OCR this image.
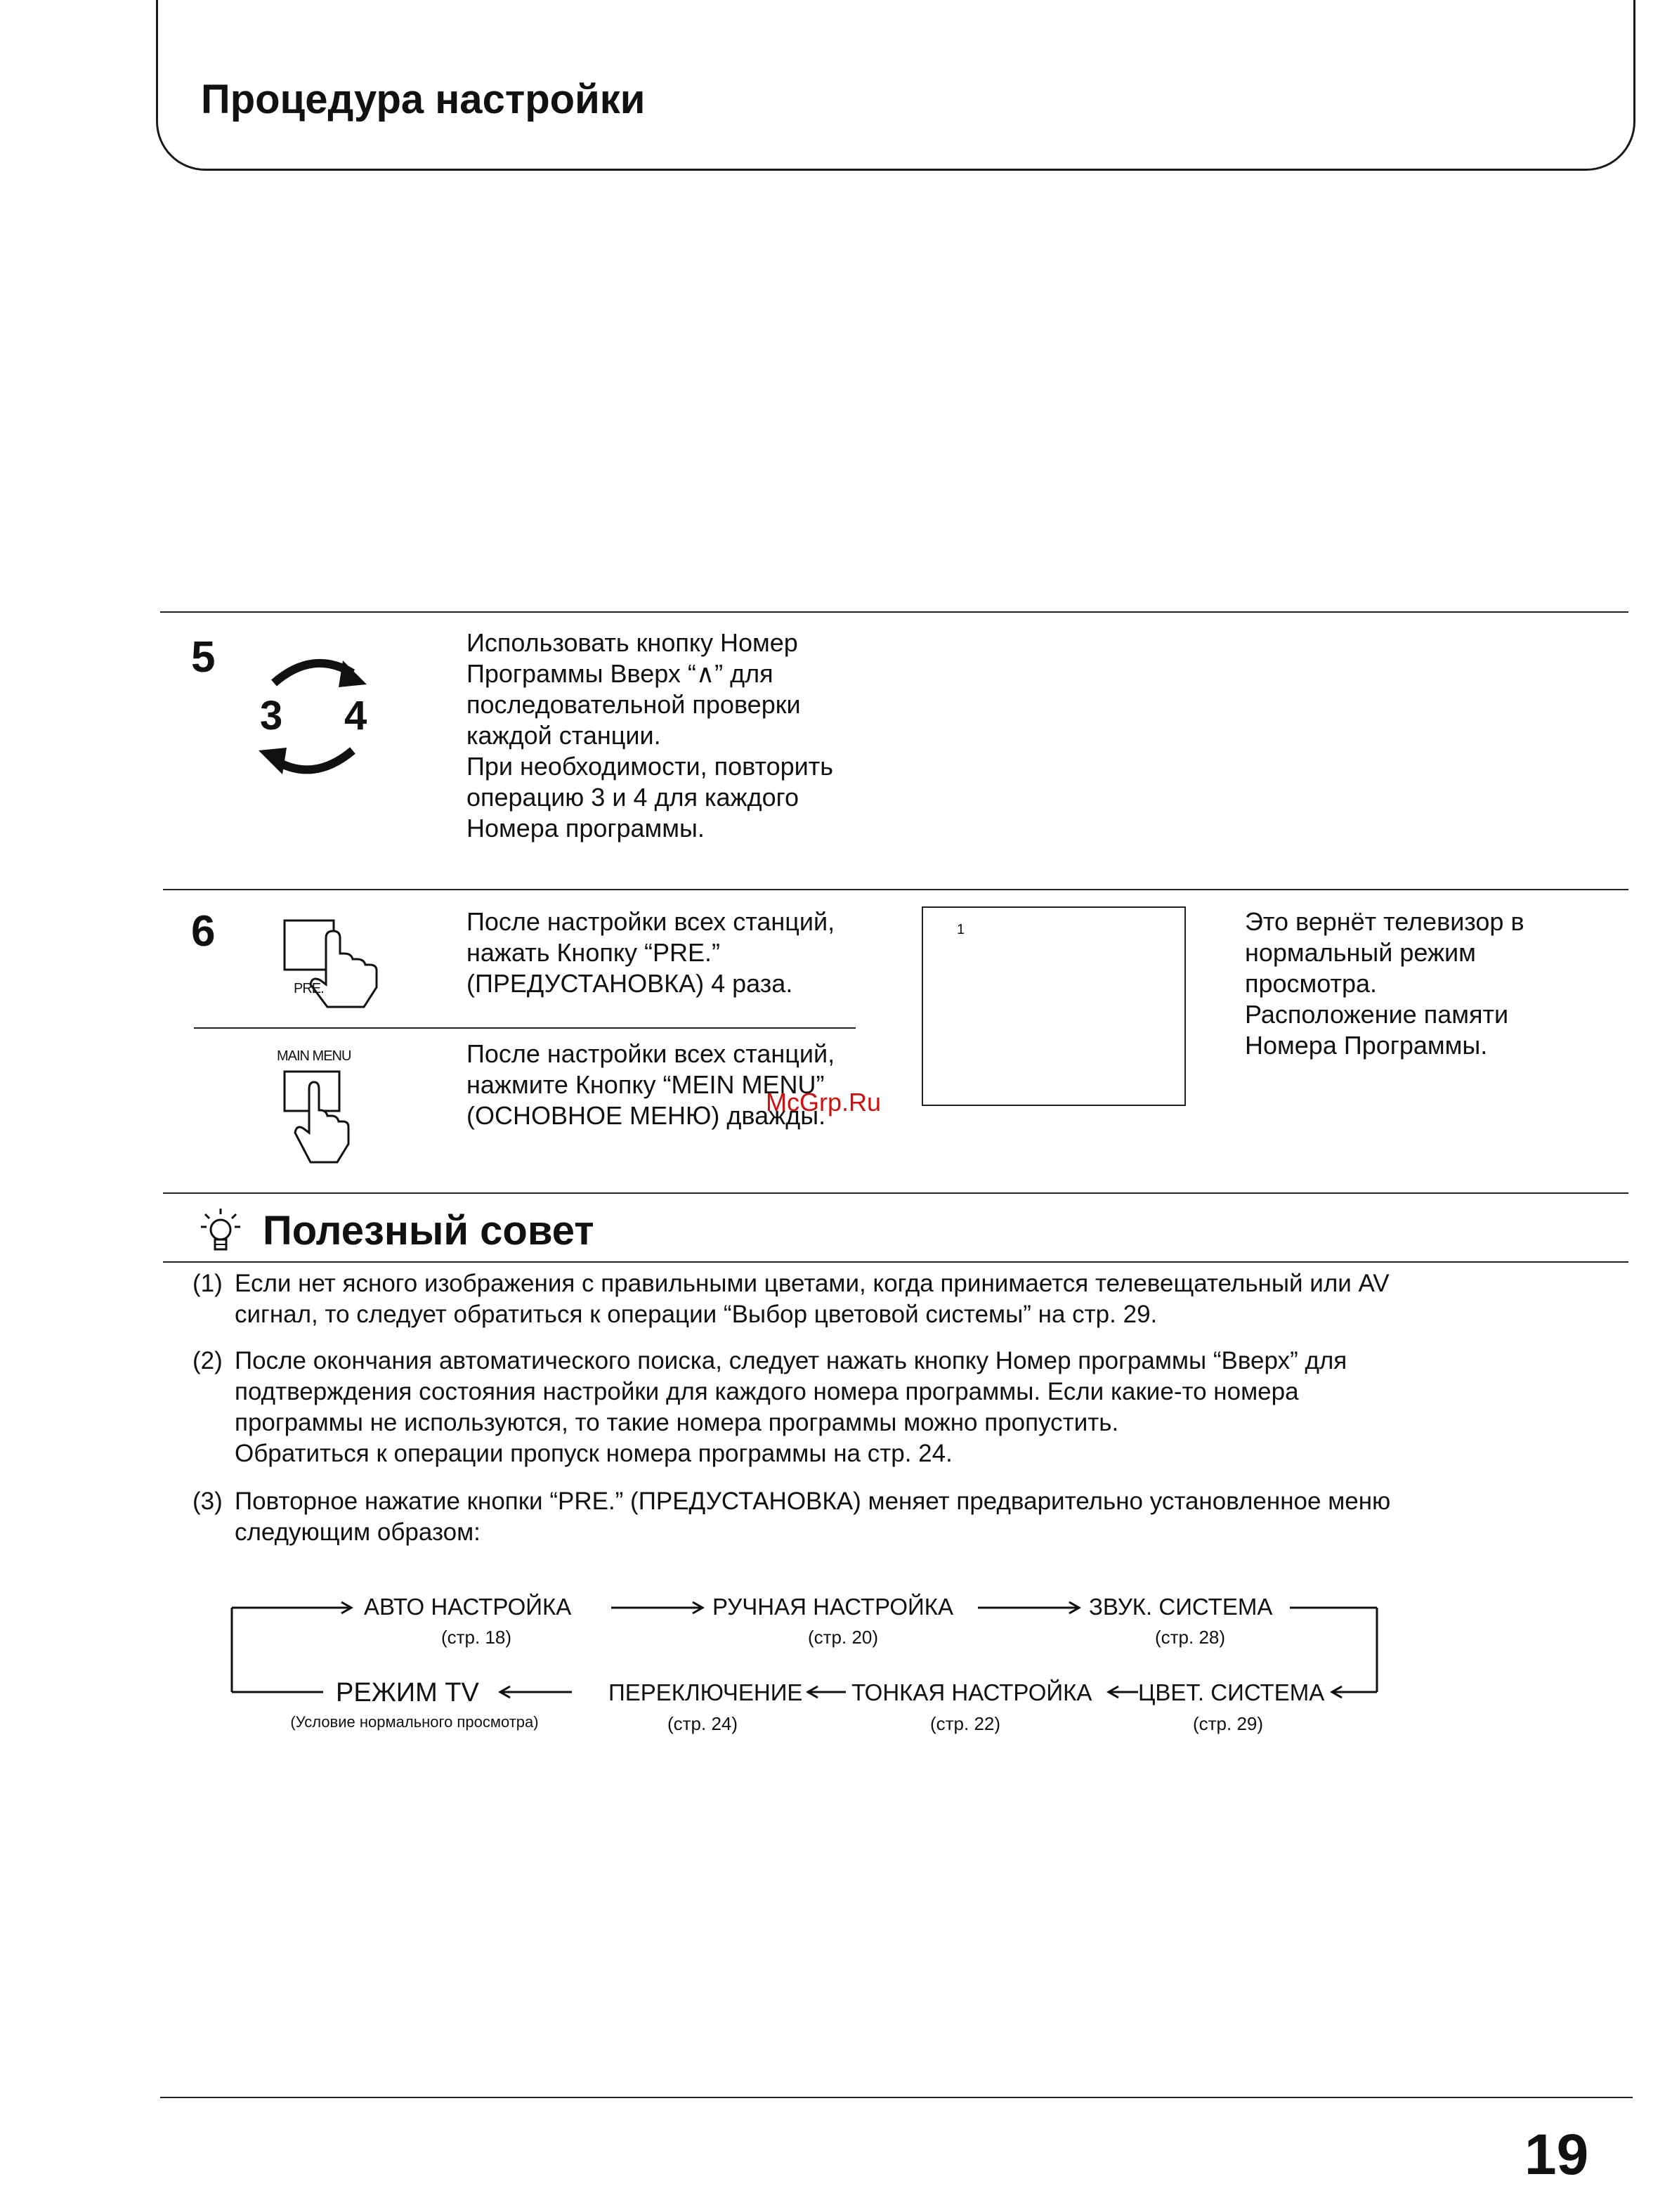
Процедура настройки
5
3 4
Использовать кнопку Номер
Программы Вверх “∧” для
последовательной проверки
каждой станции.
При необходимости, повторить
операцию 3 и 4 для каждого
Номера программы.
6
PRE.
После настройки всех станций,
нажать Кнопку “PRE.”
(ПРЕДУСТАНОВКА) 4 раза.
MAIN MENU	После настройки всех станций,
нажмите Кнопку “MEIN MENU”
(ОСНОВНОЕ МЕНЮ) дважды.
1	Это вернёт телевизор в
нормальный режим
просмотра.
Расположение памяти
Номера Программы.
McGrp.Ru
Полезный совет
(1) Если нет ясного изображения с правильными цветами, когда принимается телевещательный или AV
сигнал, то следует обратиться к операции “Выбор цветовой системы” на стр. 29.
(2) После окончания автоматического поиска, следует нажать кнопку Номер программы “Вверх” для
подтверждения состояния настройки для каждого номера программы. Если какие-то номера
программы не используются, то такие номера программы можно пропустить.
Обратиться к операции пропуск номера программы на стр. 24.
(3) Повторное нажатие кнопки “PRE.” (ПРЕДУСТАНОВКА) меняет предварительно установленное меню
следующим образом:
АВТО НАСТРОЙКА
(стр. 18)
РУЧНАЯ НАСТРОЙКА
(стр. 20)
ЗВУК. СИСТЕМА
(стр. 28)
РЕЖИМ TV
(Условие нормального просмотра)
ПЕРЕКЛЮЧЕНИЕ
(стр. 24)
ТОНКАЯ НАСТРОЙКА
(стр. 22)
ЦВЕТ. СИСТЕМА
(стр. 29)
19
